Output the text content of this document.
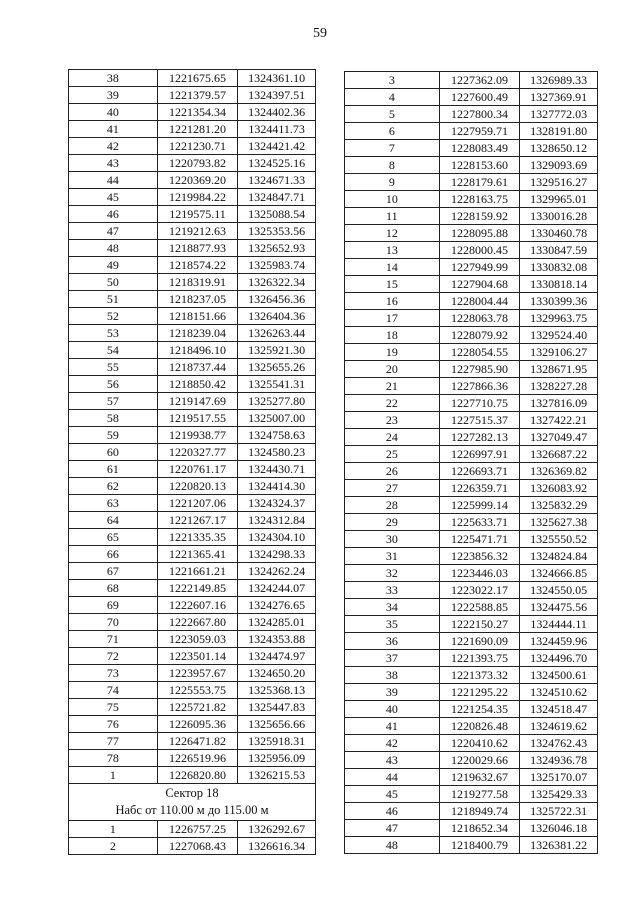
59
38	1221675.65	1324361.10
39	1221379.57	1324397.51
40	1221354.34	1324402.36
41	1221281.20	1324411.73
42	1221230.71	1324421.42
43	1220793.82	1324525.16
44	1220369.20	1324671.33
45	1219984.22	1324847.71
46	1219575.11	1325088.54
47	1219212.63	1325353.56
48	1218877.93	1325652.93
49	1218574.22	1325983.74
50	1218319.91	1326322.34
51	1218237.05	1326456.36
52	1218151.66	1326404.36
53	1218239.04	1326263.44
54	1218496.10	1325921.30
55	1218737.44	1325655.26
56	1218850.42	1325541.31
57	1219147.69	1325277.80
58	1219517.55	1325007.00
59	1219938.77	1324758.63
60	1220327.77	1324580.23
61	1220761.17	1324430.71
62	1220820.13	1324414.30
63	1221207.06	1324324.37
64	1221267.17	1324312.84
65	1221335.35	1324304.10
66	1221365.41	1324298.33
67	1221661.21	1324262.24
68	1222149.85	1324244.07
69	1222607.16	1324276.65
70	1222667.80	1324285.01
71	1223059.03	1324353.88
72	1223501.14	1324474.97
73	1223957.67	1324650.20
74	1225553.75	1325368.13
75	1225721.82	1325447.83
76	1226095.36	1325656.66
77	1226471.82	1325918.31
78	1226519.96	1325956.09
1	1226820.80	1326215.53

Сектор 18
Набс от 110.00 м до 115.00 м		

1	1226757.25	1326292.67
2	1227068.43	1326616.34
3	1227362.09	1326989.33
4	1227600.49	1327369.91
5	1227800.34	1327772.03
6	1227959.71	1328191.80
7	1228083.49	1328650.12
8	1228153.60	1329093.69
9	1228179.61	1329516.27
10	1228163.75	1329965.01
11	1228159.92	1330016.28
12	1228095.88	1330460.78
13	1228000.45	1330847.59
14	1227949.99	1330832.08
15	1227904.68	1330818.14
16	1228004.44	1330399.36
17	1228063.78	1329963.75
18	1228079.92	1329524.40
19	1228054.55	1329106.27
20	1227985.90	1328671.95
21	1227866.36	1328227.28
22	1227710.75	1327816.09
23	1227515.37	1327422.21
24	1227282.13	1327049.47
25	1226997.91	1326687.22
26	1226693.71	1326369.82
27	1226359.71	1326083.92
28	1225999.14	1325832.29
29	1225633.71	1325627.38
30	1225471.71	1325550.52
31	1223856.32	1324824.84
32	1223446.03	1324666.85
33	1223022.17	1324550.05
34	1222588.85	1324475.56
35	1222150.27	1324444.11
36	1221690.09	1324459.96
37	1221393.75	1324496.70
38	1221373.32	1324500.61
39	1221295.22	1324510.62
40	1221254.35	1324518.47
41	1220826.48	1324619.62
42	1220410.62	1324762.43
43	1220029.66	1324936.78
44	1219632.67	1325170.07
45	1219277.58	1325429.33
46	1218949.74	1325722.31
47	1218652.34	1326046.18
48	1218400.79	1326381.22
